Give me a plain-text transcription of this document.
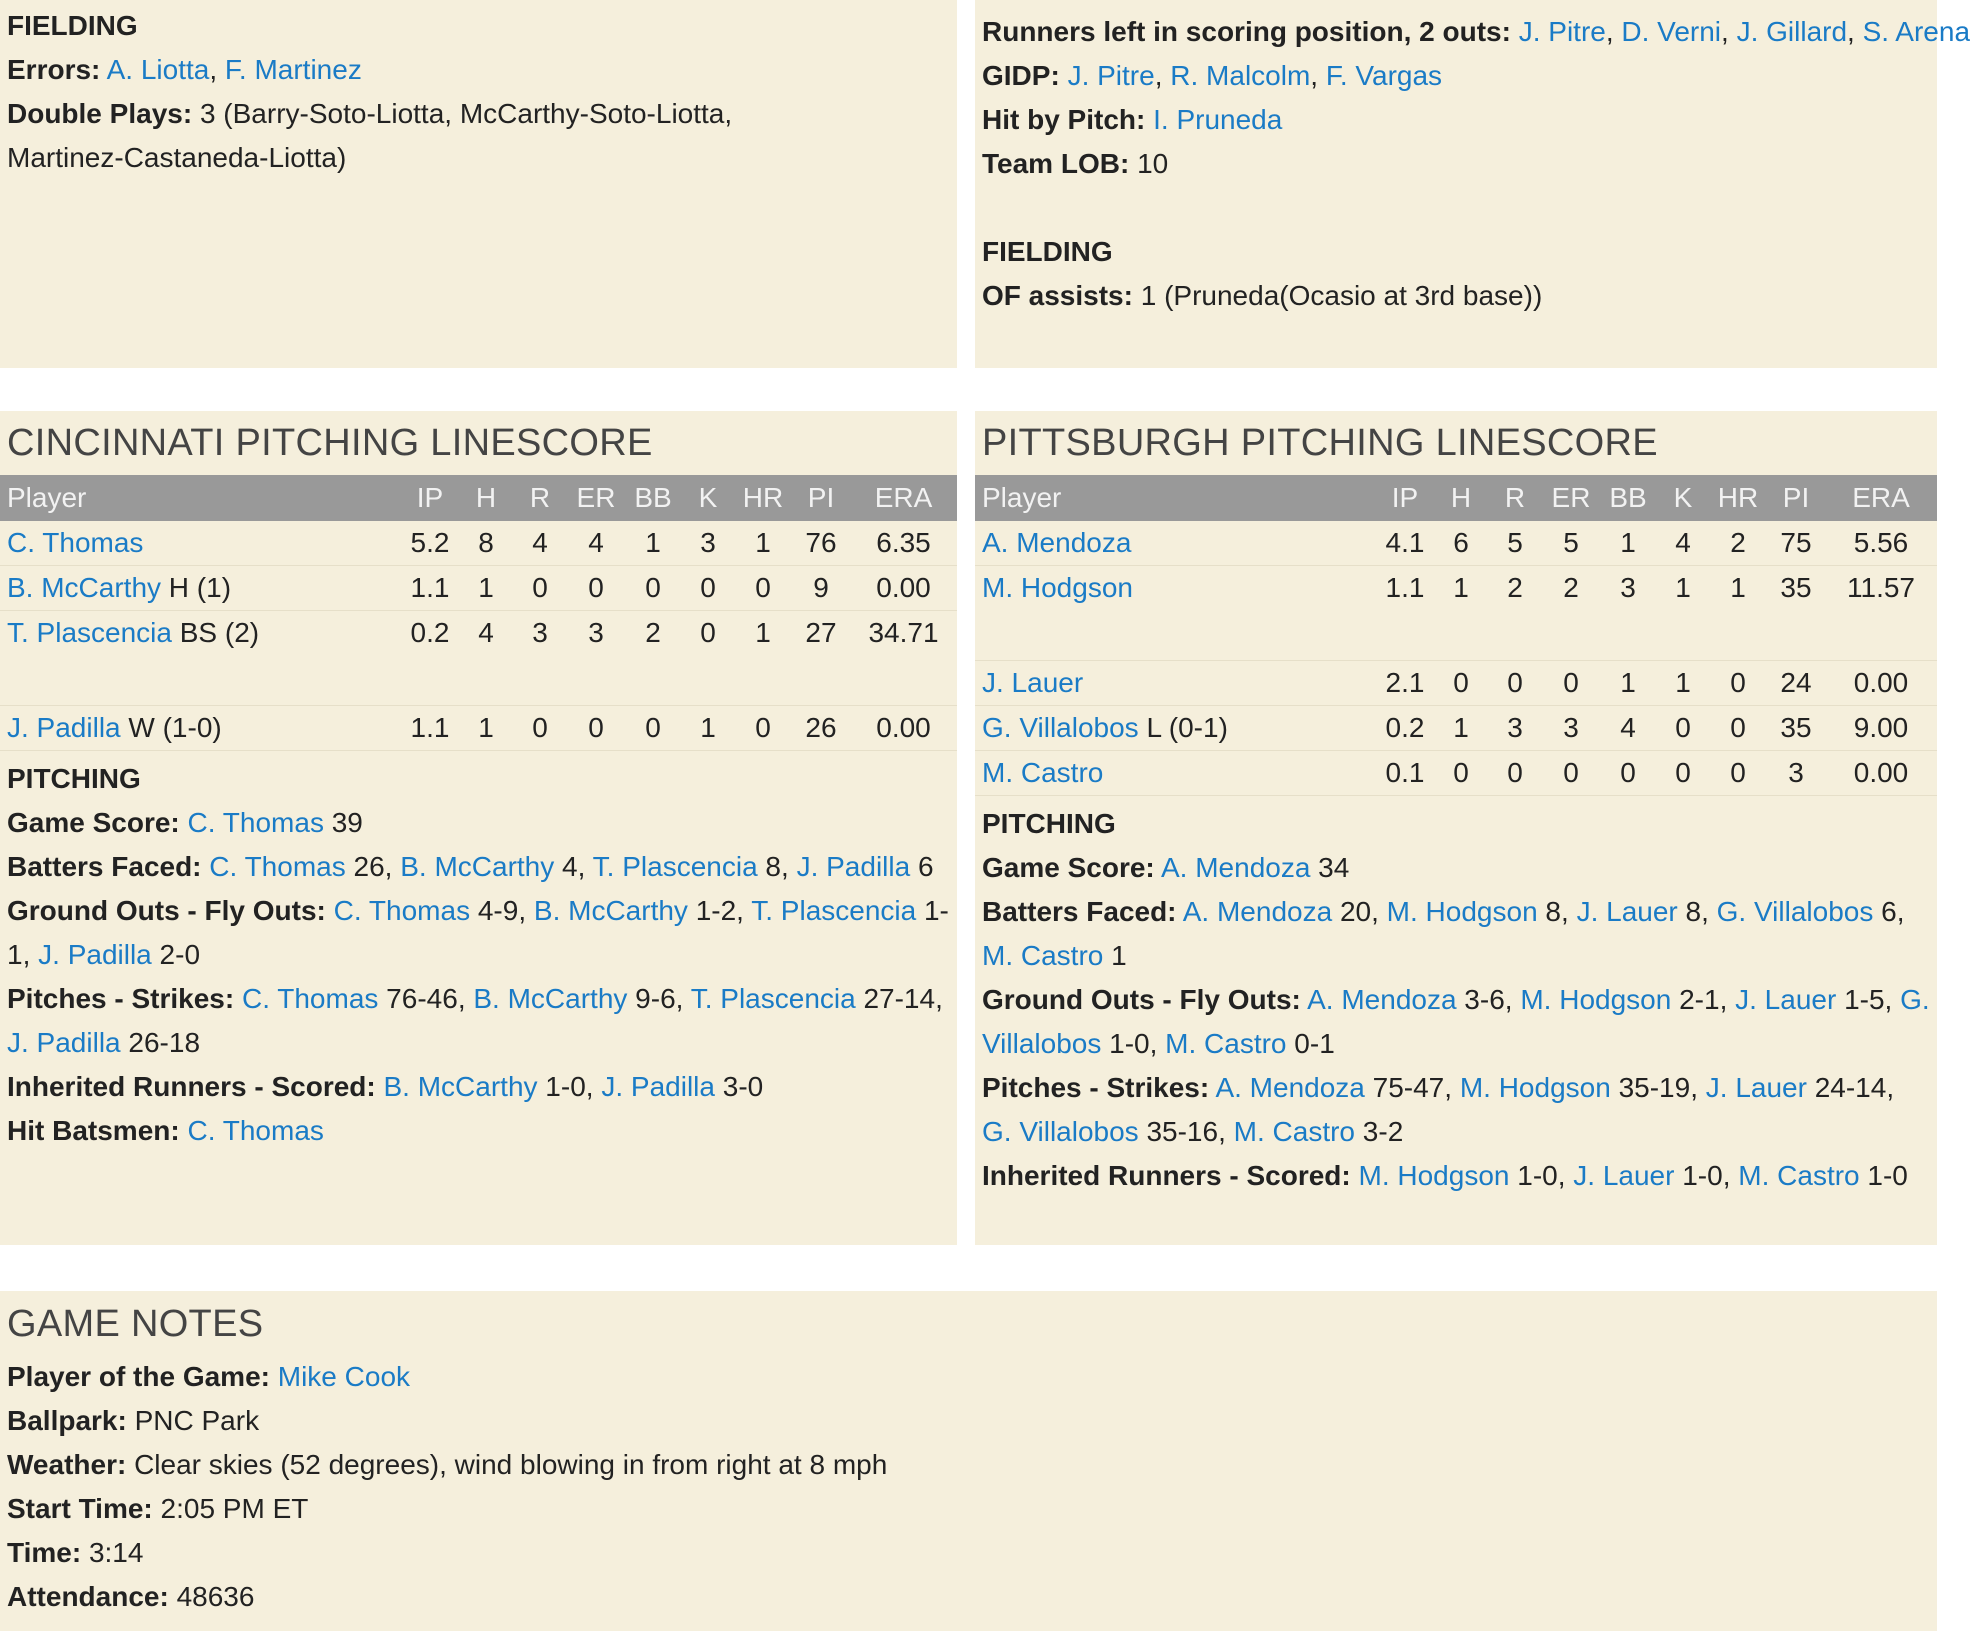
FIELDING

Errors: A. Liotta, F. Martinez

Double Plays: 3 (Barry-Soto-Liotta, McCarthy-Soto-Liotta,

Martinez-Castaneda-Liotta)

Runners left in scoring position, 2 outs: J. Pitre, D. Verni, J. Gillard, S. Arena

GIDP: J. Pitre, R. Malcolm, F. Vargas

Hit by Pitch: I. Pruneda

Team LOB: 10

FIELDING

OF assists: 1 (Pruneda(Ocasio at 3rd base))

CINCINNATI PITCHING LINESCORE

Player	IP	H	R	ER	BB	K	HR	PI	ERA
C. Thomas	5.2	8	4	4	1	3	1	76	6.35
B. McCarthy H (1)	1.1	1	0	0	0	0	0	9	0.00
T. Plascencia BS (2)	0.2	4	3	3	2	0	1	27	34.71
J. Padilla W (1-0)	1.1	1	0	0	0	1	0	26	0.00

PITCHING

Game Score: C. Thomas 39

Batters Faced: C. Thomas 26, B. McCarthy 4, T. Plascencia 8, J. Padilla 6

Ground Outs - Fly Outs: C. Thomas 4-9, B. McCarthy 1-2, T. Plascencia 1-1, J. Padilla 2-0

Pitches - Strikes: C. Thomas 76-46, B. McCarthy 9-6, T. Plascencia 27-14, J. Padilla 26-18

Inherited Runners - Scored: B. McCarthy 1-0, J. Padilla 3-0

Hit Batsmen: C. Thomas

PITTSBURGH PITCHING LINESCORE

Player	IP	H	R	ER	BB	K	HR	PI	ERA
A. Mendoza	4.1	6	5	5	1	4	2	75	5.56
M. Hodgson	1.1	1	2	2	3	1	1	35	11.57
J. Lauer	2.1	0	0	0	1	1	0	24	0.00
G. Villalobos L (0-1)	0.2	1	3	3	4	0	0	35	9.00
M. Castro	0.1	0	0	0	0	0	0	3	0.00

PITCHING

Game Score: A. Mendoza 34

Batters Faced: A. Mendoza 20, M. Hodgson 8, J. Lauer 8, G. Villalobos 6, M. Castro 1

Ground Outs - Fly Outs: A. Mendoza 3-6, M. Hodgson 2-1, J. Lauer 1-5, G. Villalobos 1-0, M. Castro 0-1

Pitches - Strikes: A. Mendoza 75-47, M. Hodgson 35-19, J. Lauer 24-14, G. Villalobos 35-16, M. Castro 3-2

Inherited Runners - Scored: M. Hodgson 1-0, J. Lauer 1-0, M. Castro 1-0

GAME NOTES

Player of the Game: Mike Cook

Ballpark: PNC Park

Weather: Clear skies (52 degrees), wind blowing in from right at 8 mph

Start Time: 2:05 PM ET

Time: 3:14

Attendance: 48636
